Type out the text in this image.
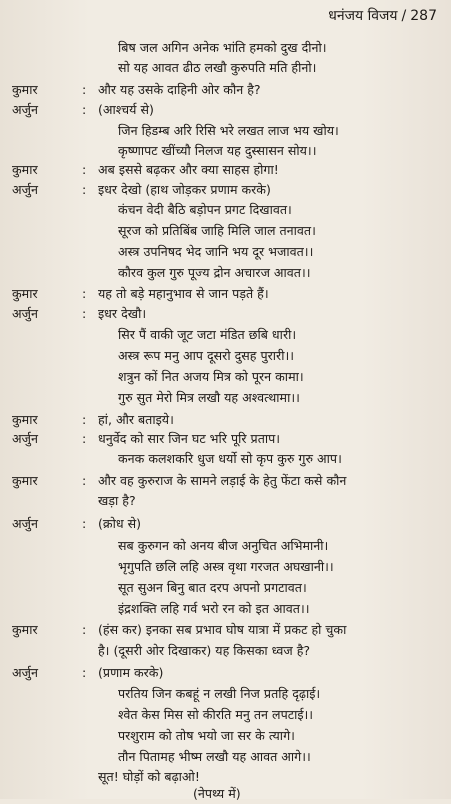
धनंजय विजय / 287
बिष जल अगिन अनेक भांति हमको दुख दीनो।
सो यह आवत ढीठ लखौ कुरुपति मति हीनो।
कुमार	: और यह उसके दाहिनी ओर कौन है?
अर्जुन	: (आश्चर्य से)
जिन हिडम्ब अरि रिसि भरे लखत लाज भय खोय।
कृष्णापट खींच्यौ निलज यह दुस्सासन सोय।।
कुमार	: अब इससे बढ़कर और क्या साहस होगा!
अर्जुन	: इधर देखो (हाथ जोड़कर प्रणाम करके)
कंचन वेदी बैठि बड़ोपन प्रगट दिखावत।
सूरज को प्रतिबिंब जाहि मिलि जाल तनावत।
अस्त्र उपनिषद भेद जानि भय दूर भजावत।।
कौरव कुल गुरु पूज्य द्रोन अचारज आवत।।
कुमार	: यह तो बड़े महानुभाव से जान पड़ते हैं।
अर्जुन	: इधर देखौ।
सिर पैं वाकी जूट जटा मंडित छबि धारी।
अस्त्र रूप मनु आप दूसरो दुसह पुरारी।।
शत्रुन कों नित अजय मित्र को पूरन कामा।
गुरु सुत मेरो मित्र लखौ यह अश्वत्थामा।।
कुमार	: हां, और बताइये।
अर्जुन	: धनुर्वेद को सार जिन घट भरि पूरि प्रताप।
कनक कलशकरि धुज धर्यो सो कृप कुरु गुरु आप।
कुमार	: और वह कुरुराज के सामने लड़ाई के हेतु फेंटा कसे कौन
खड़ा है?
अर्जुन	: (क्रोध से)
सब कुरुगन को अनय बीज अनुचित अभिमानी।
भृगुपति छलि लहि अस्त्र वृथा गरजत अघखानी।।
सूत सुअन बिनु बात दरप अपनो प्रगटावत।
इंद्रशक्ति लहि गर्व भरो रन को इत आवत।।
कुमार	: (हंस कर) इनका सब प्रभाव घोष यात्रा में प्रकट हो चुका
है। (दूसरी ओर दिखाकर) यह किसका ध्वज है?
अर्जुन	: (प्रणाम करके)
परतिय जिन कबहूं न लखी निज प्रतहि दृढ़ाई।
श्वेत केस मिस सो कीरति मनु तन लपटाई।।
परशुराम को तोष भयो जा सर के त्यागे।
तौन पितामह भीष्म लखौ यह आवत आगे।।
सूत! घोड़ों को बढ़ाओ!
(नेपथ्य में)
